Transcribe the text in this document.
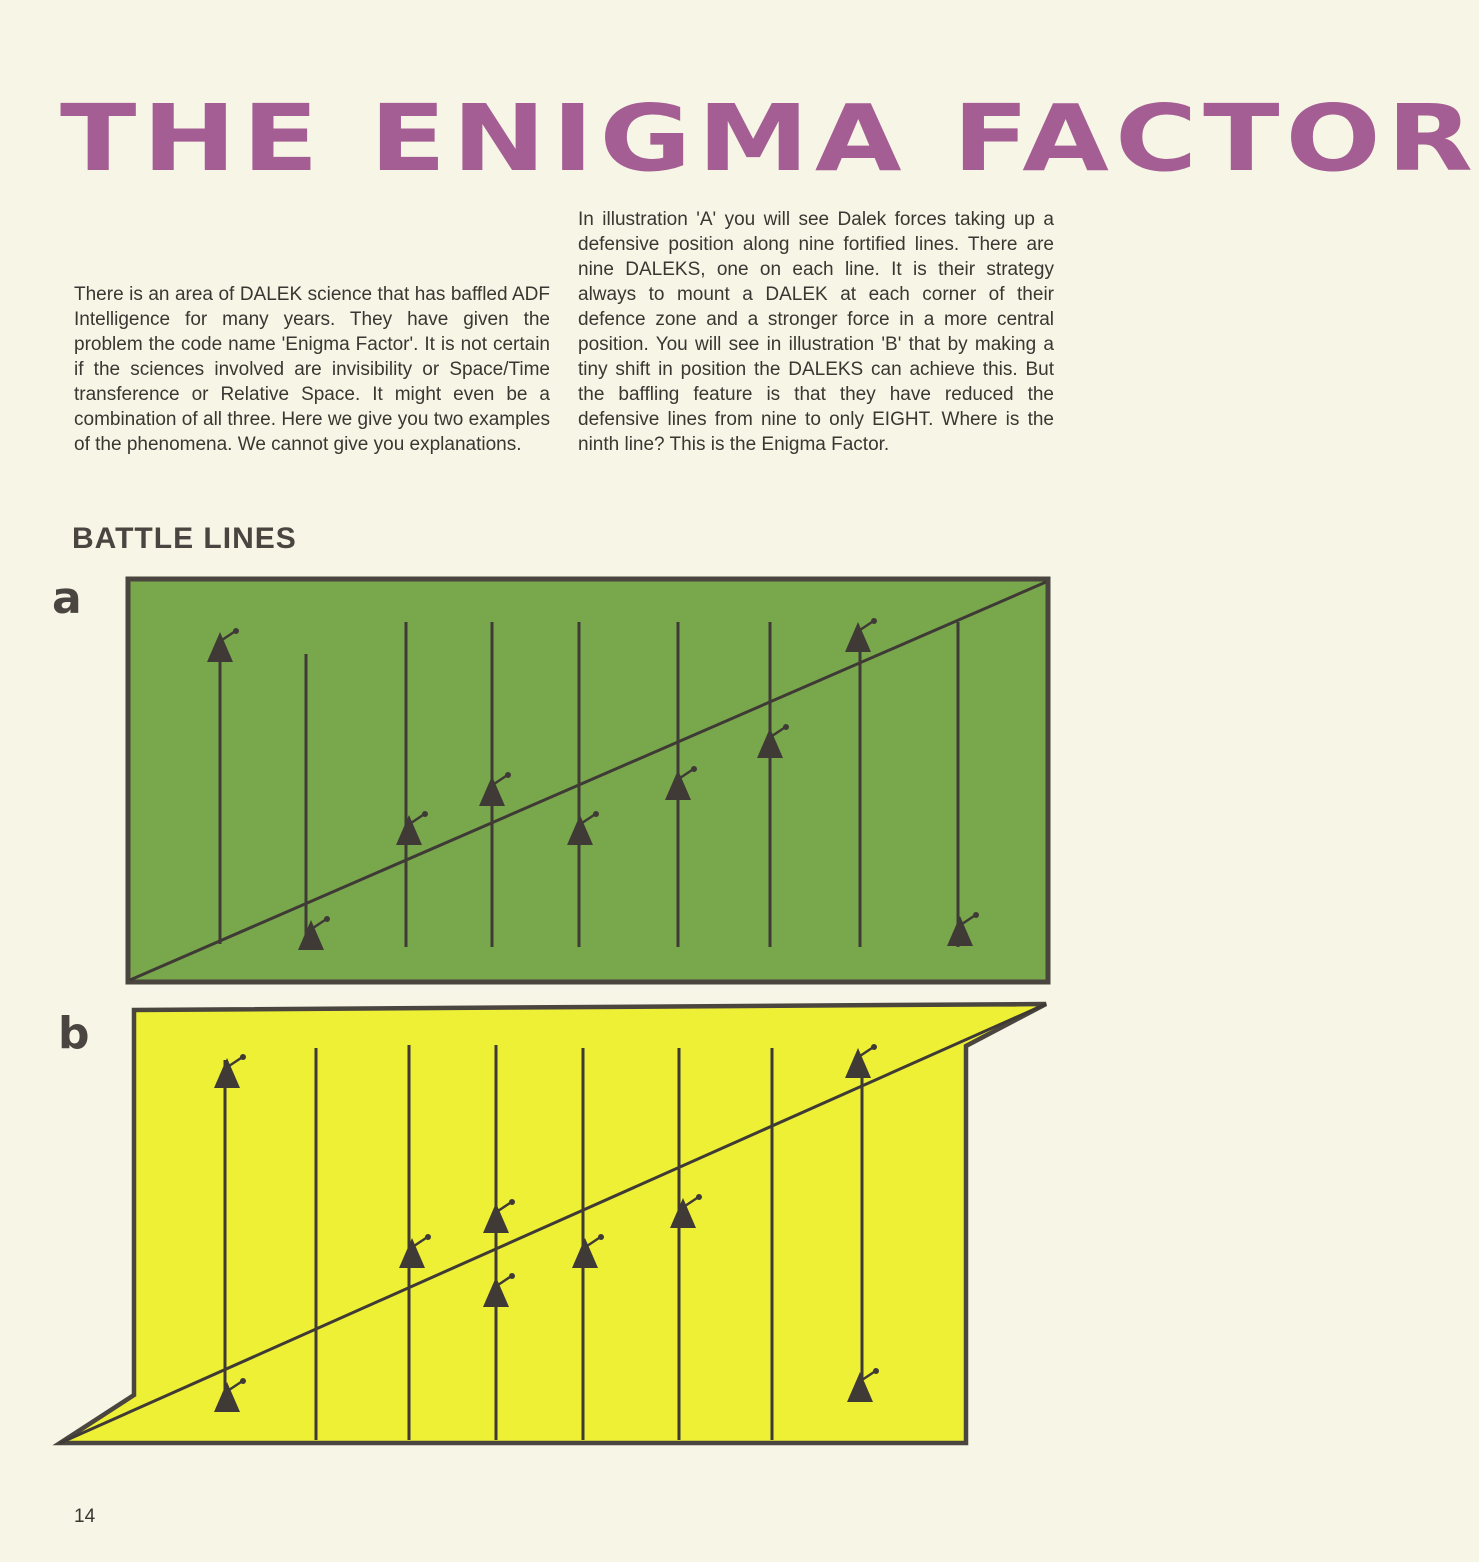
THE ENIGMA FACTOR

There is an area of DALEK science that has baffled ADF Intelligence for many years. They have given the problem the code name 'Enigma Factor'. It is not certain if the sciences involved are invisibility or Space/Time transference or Relative Space. It might even be a combination of all three. Here we give you two examples of the phenomena. We cannot give you explanations.

In illustration 'A' you will see Dalek forces taking up a defensive position along nine fortified lines. There are nine DALEKS, one on each line. It is their strategy always to mount a DALEK at each corner of their defence zone and a stronger force in a more central position. You will see in illustration 'B' that by making a tiny shift in position the DALEKS can achieve this. But the baffling feature is that they have reduced the defensive lines from nine to only EIGHT. Where is the ninth line? This is the Enigma Factor.

BATTLE LINES
a
b

14
